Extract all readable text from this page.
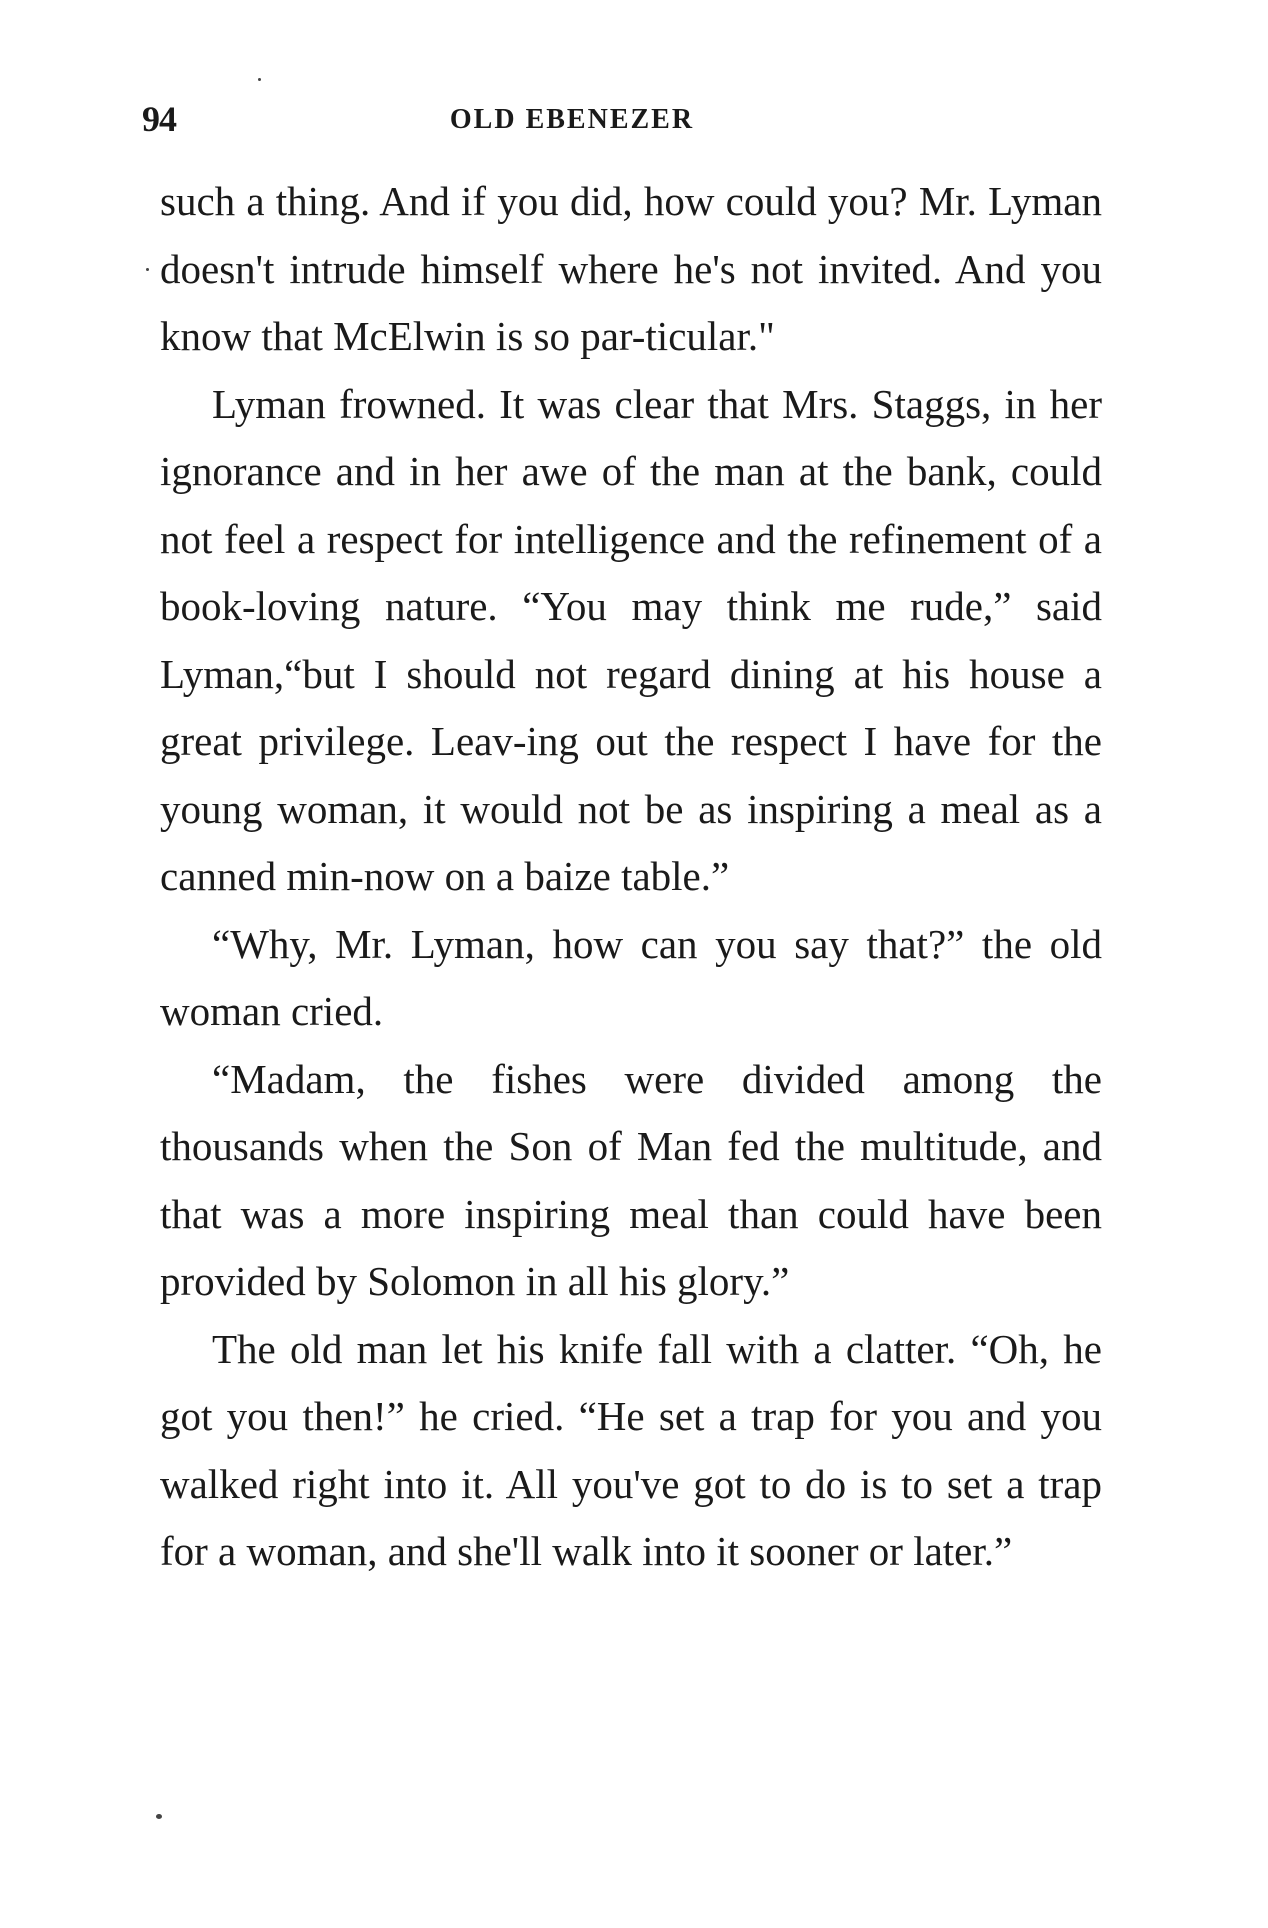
94	OLD EBENEZER

such a thing. And if you did, how could you? Mr. Lyman doesn't intrude himself where he's not invited. And you know that McElwin is so par-ticular."

Lyman frowned. It was clear that Mrs. Staggs, in her ignorance and in her awe of the man at the bank, could not feel a respect for intelligence and the refinement of a book-loving nature. “You may think me rude,” said Lyman,“but I should not regard dining at his house a great privilege. Leav-ing out the respect I have for the young woman, it would not be as inspiring a meal as a canned min-now on a baize table.”

“Why, Mr. Lyman, how can you say that?” the old woman cried.

“Madam, the fishes were divided among the thousands when the Son of Man fed the multitude, and that was a more inspiring meal than could have been provided by Solomon in all his glory.”

The old man let his knife fall with a clatter. “Oh, he got you then!” he cried. “He set a trap for you and you walked right into it. All you've got to do is to set a trap for a woman, and she'll walk into it sooner or later.”
